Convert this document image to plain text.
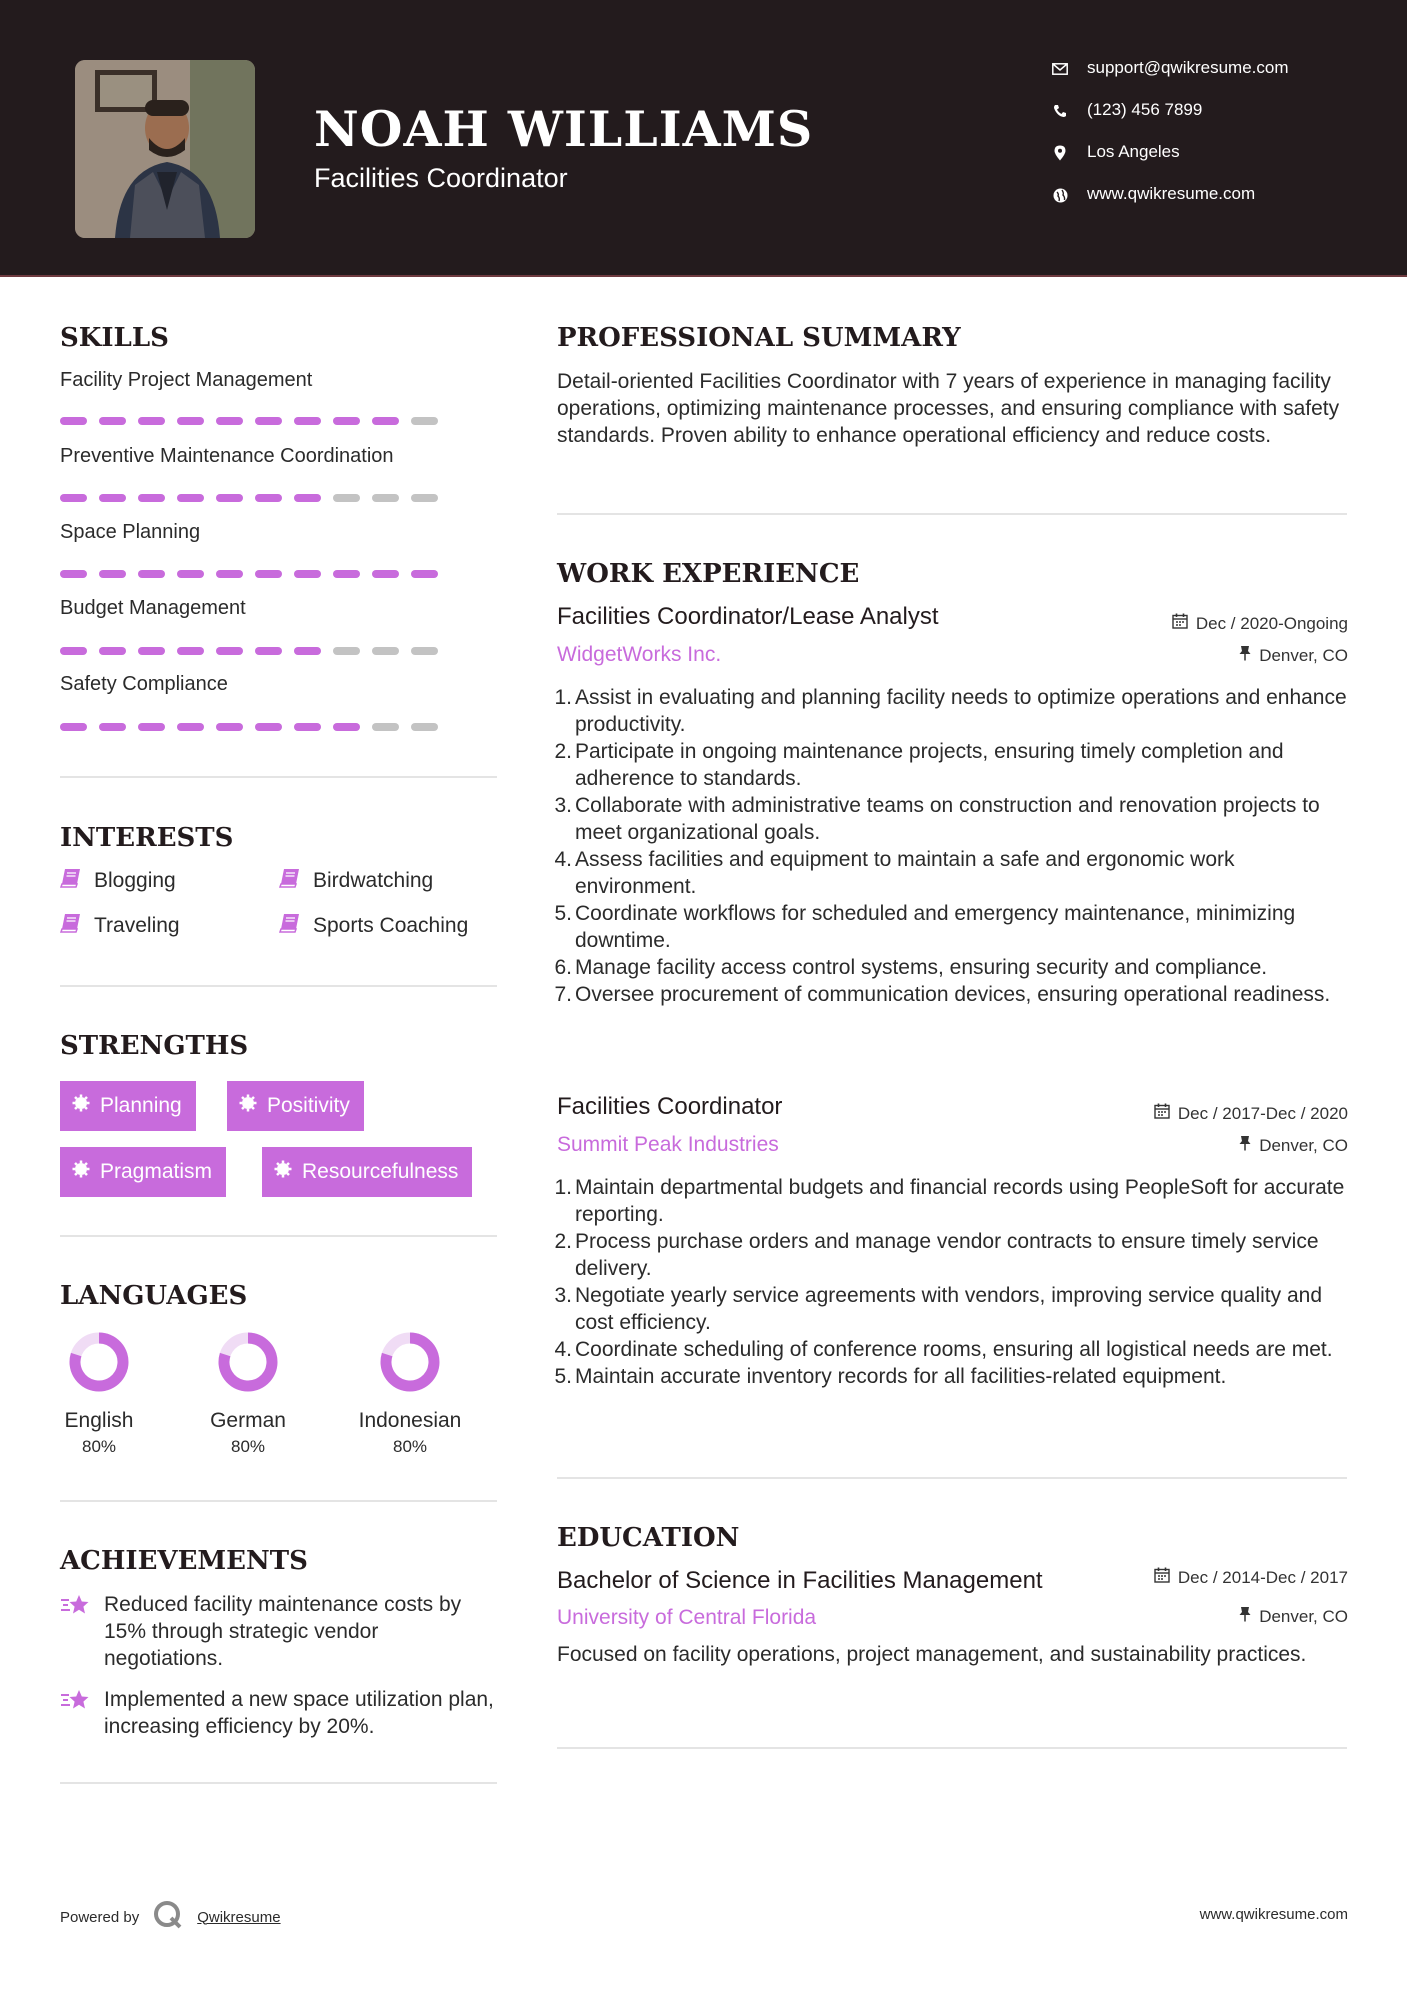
NOAH WILLIAMS
Facilities Coordinator
support@qwikresume.com
(123) 456 7899
Los Angeles
www.qwikresume.com
SKILLS
Facility Project Management
Preventive Maintenance Coordination
Space Planning
Budget Management
Safety Compliance
INTERESTS
Blogging	Birdwatching
Traveling	Sports Coaching
STRENGTHS
Planning	Positivity
Pragmatism	Resourcefulness
LANGUAGES
English
80%
German
80%
Indonesian
80%
ACHIEVEMENTS
Reduced facility maintenance costs by 15% through strategic vendor negotiations.
Implemented a new space utilization plan, increasing efficiency by 20%.
PROFESSIONAL SUMMARY
Detail-oriented Facilities Coordinator with 7 years of experience in managing facility operations, optimizing maintenance processes, and ensuring compliance with safety standards. Proven ability to enhance operational efficiency and reduce costs.
WORK EXPERIENCE
Facilities Coordinator/Lease Analyst	Dec / 2020-Ongoing
WidgetWorks Inc.	Denver, CO
1. Assist in evaluating and planning facility needs to optimize operations and enhance productivity.
2. Participate in ongoing maintenance projects, ensuring timely completion and adherence to standards.
3. Collaborate with administrative teams on construction and renovation projects to meet organizational goals.
4. Assess facilities and equipment to maintain a safe and ergonomic work environment.
5. Coordinate workflows for scheduled and emergency maintenance, minimizing downtime.
6. Manage facility access control systems, ensuring security and compliance.
7. Oversee procurement of communication devices, ensuring operational readiness.
Facilities Coordinator	Dec / 2017-Dec / 2020
Summit Peak Industries	Denver, CO
1. Maintain departmental budgets and financial records using PeopleSoft for accurate reporting.
2. Process purchase orders and manage vendor contracts to ensure timely service delivery.
3. Negotiate yearly service agreements with vendors, improving service quality and cost efficiency.
4. Coordinate scheduling of conference rooms, ensuring all logistical needs are met.
5. Maintain accurate inventory records for all facilities-related equipment.
EDUCATION
Bachelor of Science in Facilities Management	Dec / 2014-Dec / 2017
University of Central Florida	Denver, CO
Focused on facility operations, project management, and sustainability practices.
Powered by	Qwikresume	www.qwikresume.com
